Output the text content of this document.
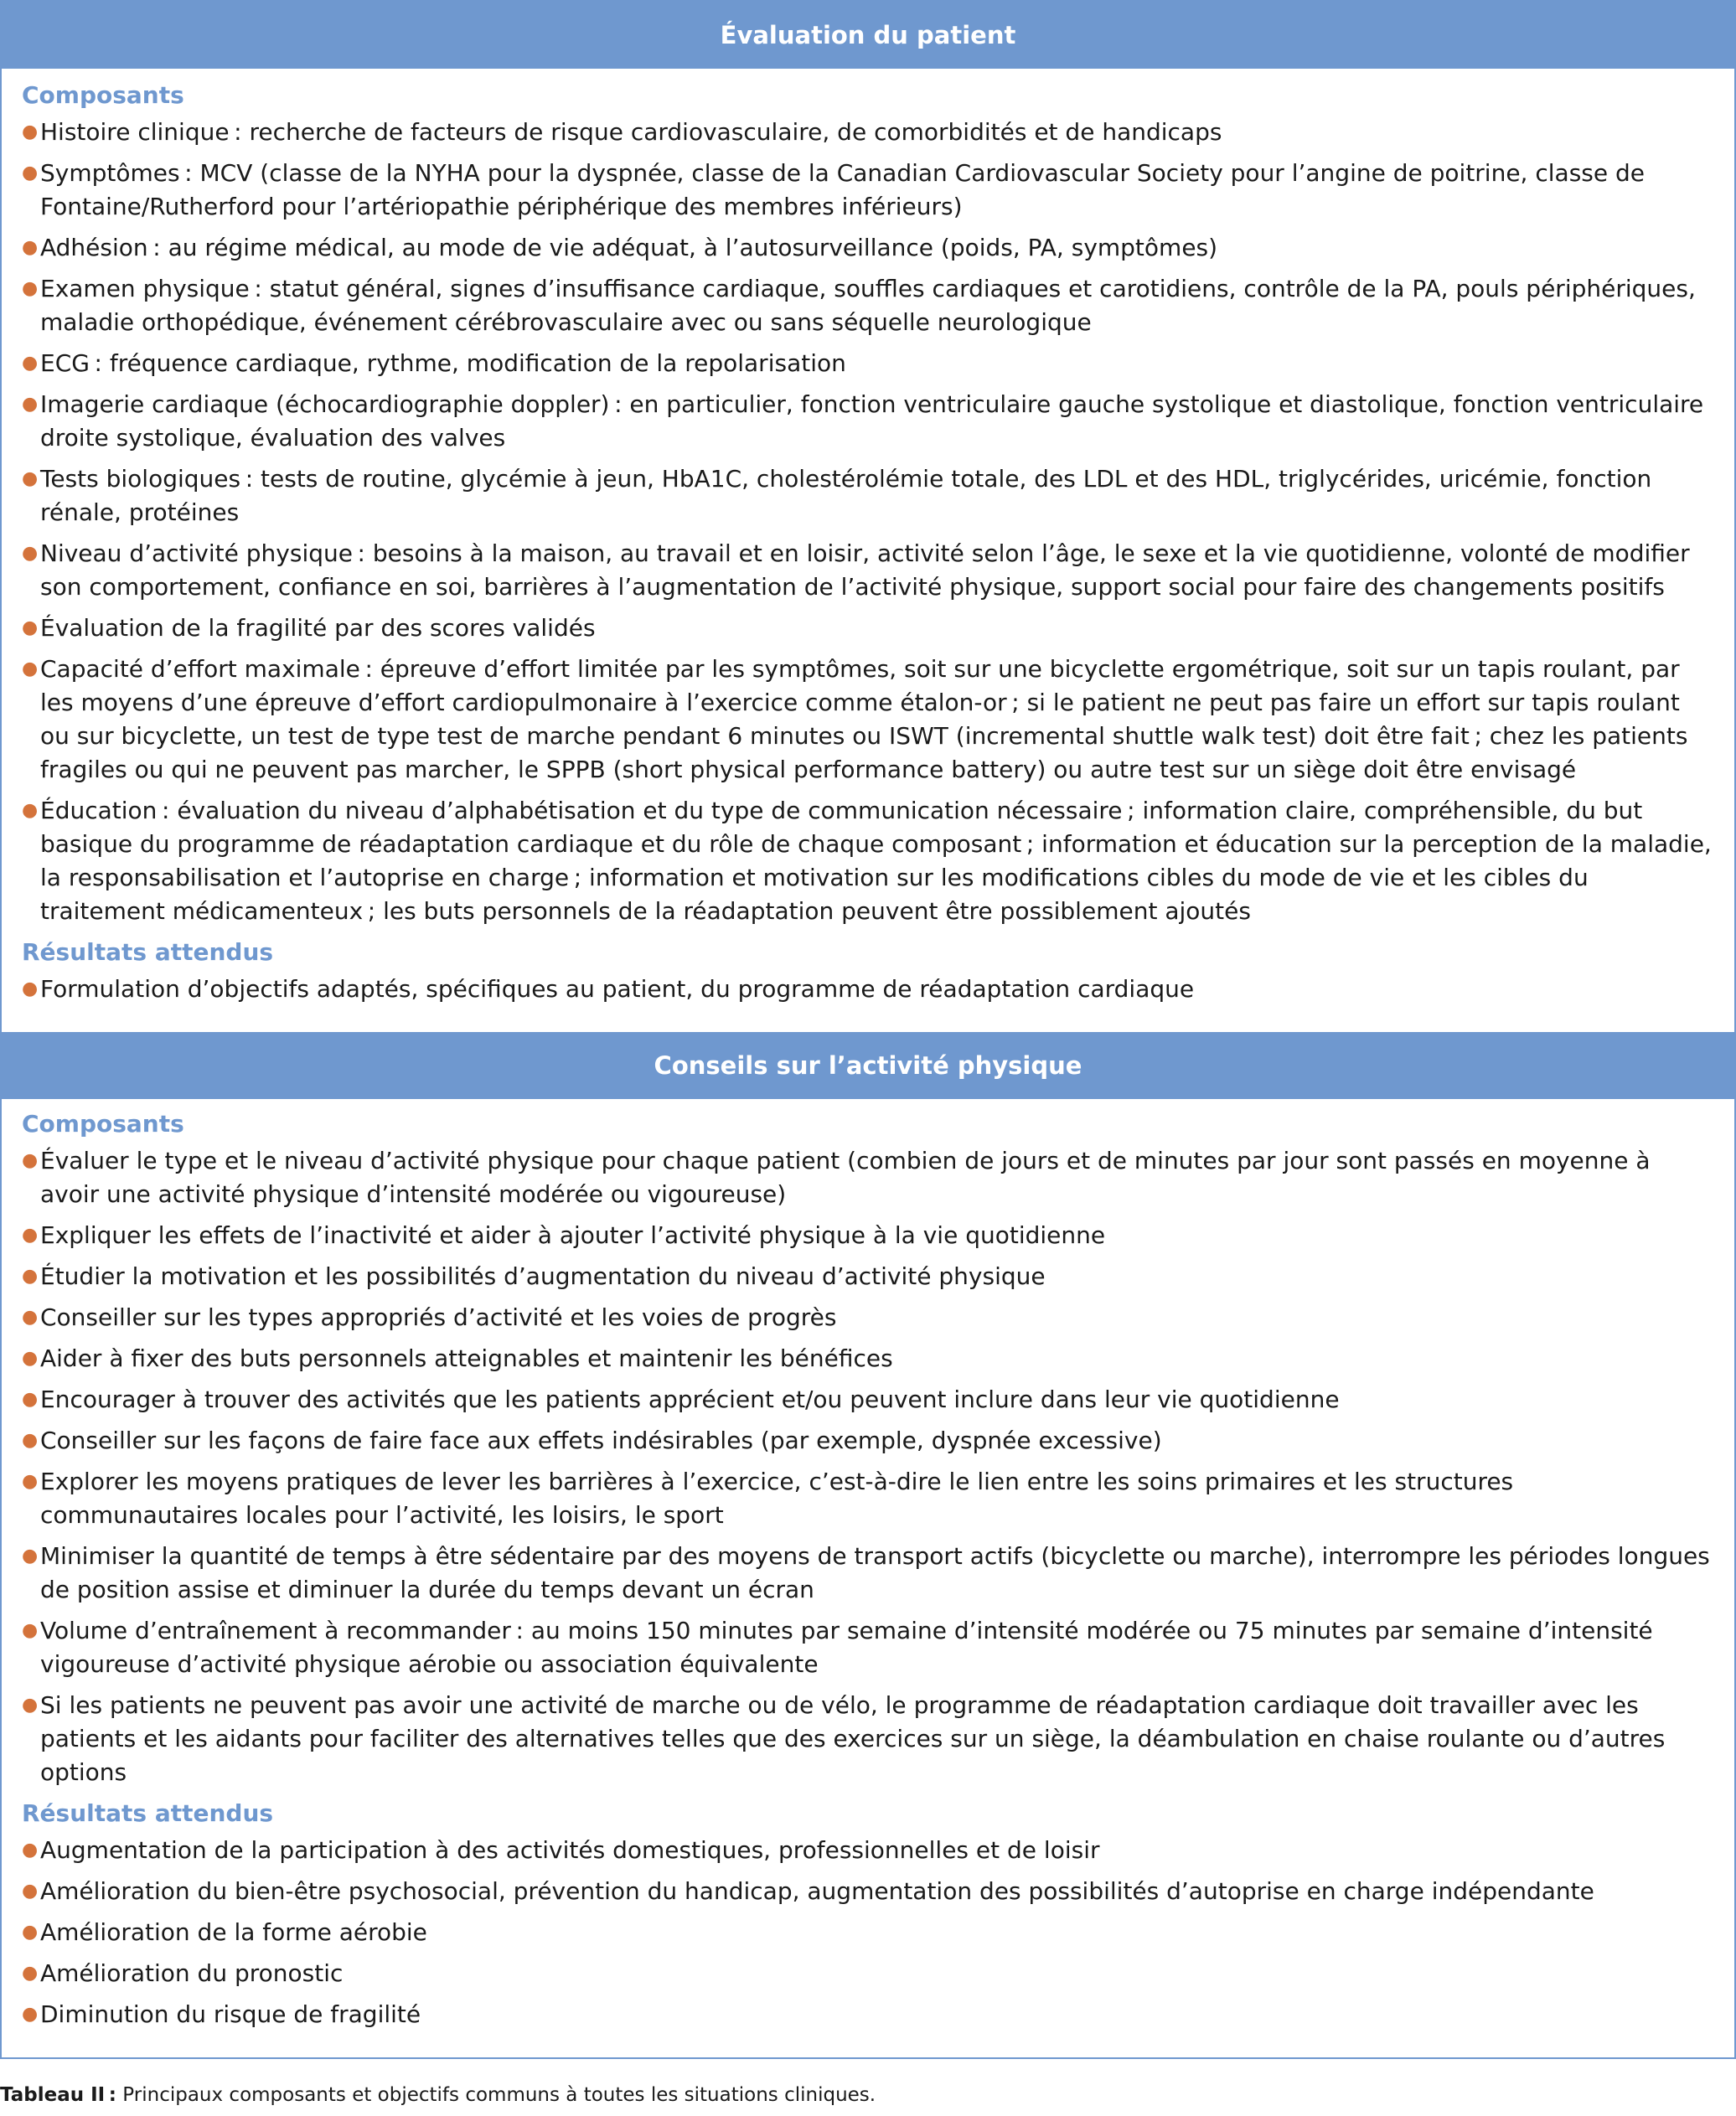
Évaluation du patient
Composants
● Histoire clinique : recherche de facteurs de risque cardiovasculaire, de comorbidités et de handicaps
● Symptômes : MCV (classe de la NYHA pour la dyspnée, classe de la Canadian Cardiovascular Society pour l’angine de poitrine, classe de Fontaine/Rutherford pour l’artériopathie périphérique des membres inférieurs)
● Adhésion : au régime médical, au mode de vie adéquat, à l’autosurveillance (poids, PA, symptômes)
● Examen physique : statut général, signes d’insuffisance cardiaque, souffles cardiaques et carotidiens, contrôle de la PA, pouls périphériques, maladie orthopédique, événement cérébrovasculaire avec ou sans séquelle neurologique
● ECG : fréquence cardiaque, rythme, modification de la repolarisation
● Imagerie cardiaque (échocardiographie doppler) : en particulier, fonction ventriculaire gauche systolique et diastolique, fonction ventriculaire droite systolique, évaluation des valves
● Tests biologiques : tests de routine, glycémie à jeun, HbA1C, cholestérolémie totale, des LDL et des HDL, triglycérides, uricémie, fonction rénale, protéines
● Niveau d’activité physique : besoins à la maison, au travail et en loisir, activité selon l’âge, le sexe et la vie quotidienne, volonté de modifier son comportement, confiance en soi, barrières à l’augmentation de l’activité physique, support social pour faire des changements positifs
● Évaluation de la fragilité par des scores validés
● Capacité d’effort maximale : épreuve d’effort limitée par les symptômes, soit sur une bicyclette ergométrique, soit sur un tapis roulant, par les moyens d’une épreuve d’effort cardiopulmonaire à l’exercice comme étalon-or ; si le patient ne peut pas faire un effort sur tapis roulant ou sur bicyclette, un test de type test de marche pendant 6 minutes ou ISWT (incremental shuttle walk test) doit être fait ; chez les patients fragiles ou qui ne peuvent pas marcher, le SPPB (short physical performance battery) ou autre test sur un siège doit être envisagé
● Éducation : évaluation du niveau d’alphabétisation et du type de communication nécessaire ; information claire, compréhensible, du but basique du programme de réadaptation cardiaque et du rôle de chaque composant ; information et éducation sur la perception de la maladie, la responsabilisation et l’autoprise en charge ; information et motivation sur les modifications cibles du mode de vie et les cibles du traitement médicamenteux ; les buts personnels de la réadaptation peuvent être possiblement ajoutés
Résultats attendus
● Formulation d’objectifs adaptés, spécifiques au patient, du programme de réadaptation cardiaque
Conseils sur l’activité physique
Composants
● Évaluer le type et le niveau d’activité physique pour chaque patient (combien de jours et de minutes par jour sont passés en moyenne à avoir une activité physique d’intensité modérée ou vigoureuse)
● Expliquer les effets de l’inactivité et aider à ajouter l’activité physique à la vie quotidienne
● Étudier la motivation et les possibilités d’augmentation du niveau d’activité physique
● Conseiller sur les types appropriés d’activité et les voies de progrès
● Aider à fixer des buts personnels atteignables et maintenir les bénéfices
● Encourager à trouver des activités que les patients apprécient et/ou peuvent inclure dans leur vie quotidienne
● Conseiller sur les façons de faire face aux effets indésirables (par exemple, dyspnée excessive)
● Explorer les moyens pratiques de lever les barrières à l’exercice, c’est-à-dire le lien entre les soins primaires et les structures communautaires locales pour l’activité, les loisirs, le sport
● Minimiser la quantité de temps à être sédentaire par des moyens de transport actifs (bicyclette ou marche), interrompre les périodes longues de position assise et diminuer la durée du temps devant un écran
● Volume d’entraînement à recommander : au moins 150 minutes par semaine d’intensité modérée ou 75 minutes par semaine d’intensité vigoureuse d’activité physique aérobie ou association équivalente
● Si les patients ne peuvent pas avoir une activité de marche ou de vélo, le programme de réadaptation cardiaque doit travailler avec les patients et les aidants pour faciliter des alternatives telles que des exercices sur un siège, la déambulation en chaise roulante ou d’autres options
Résultats attendus
● Augmentation de la participation à des activités domestiques, professionnelles et de loisir
● Amélioration du bien-être psychosocial, prévention du handicap, augmentation des possibilités d’autoprise en charge indépendante
● Amélioration de la forme aérobie
● Amélioration du pronostic
● Diminution du risque de fragilité
Tableau II : Principaux composants et objectifs communs à toutes les situations cliniques.
